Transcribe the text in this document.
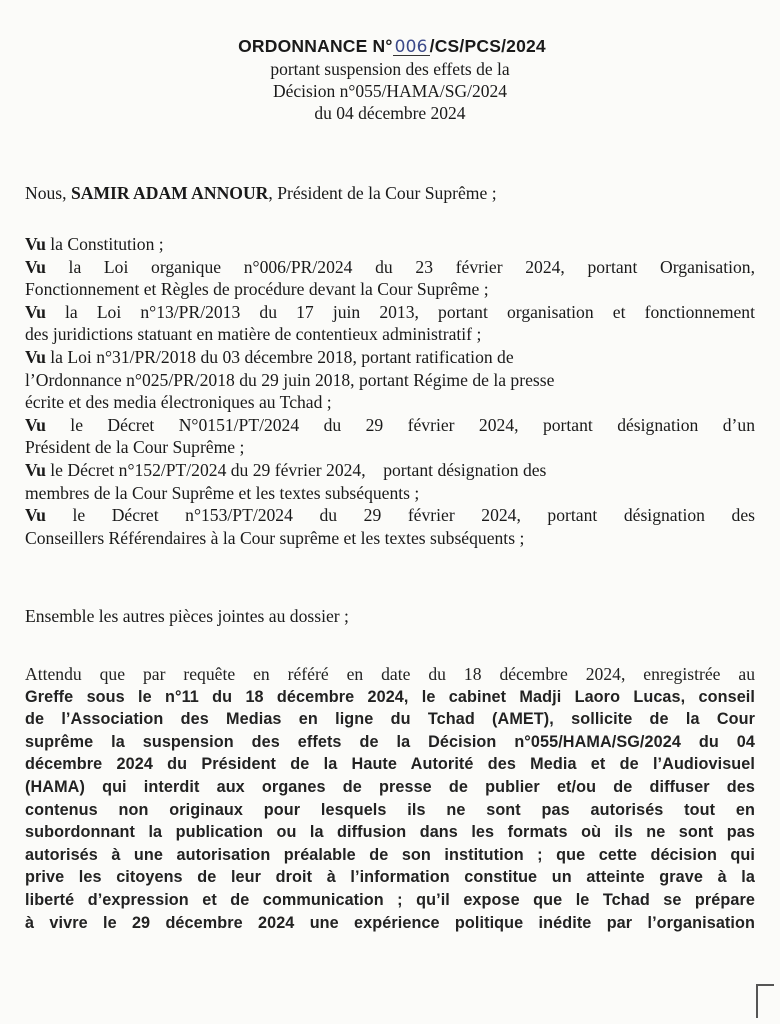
ORDONNANCE N° 006 /CS/PCS/2024
portant suspension des effets de la
Décision n°055/HAMA/SG/2024
du 04 décembre 2024
Nous, SAMIR ADAM ANNOUR, Président de la Cour Suprême ;
Vu la Constitution ;
Vu la Loi organique n°006/PR/2024 du 23 février 2024, portant Organisation,
Fonctionnement et Règles de procédure devant la Cour Suprême ;
Vu la Loi n°13/PR/2013 du 17 juin 2013, portant organisation et fonctionnement
des juridictions statuant en matière de contentieux administratif ;
Vu la Loi n°31/PR/2018 du 03 décembre 2018, portant ratification de
l’Ordonnance n°025/PR/2018 du 29 juin 2018, portant Régime de la presse
écrite et des media électroniques au Tchad ;
Vu le Décret N°0151/PT/2024 du 29 février 2024, portant désignation d’un
Président de la Cour Suprême ;
Vu le Décret n°152/PT/2024 du 29 février 2024,    portant désignation des
membres de la Cour Suprême et les textes subséquents ;
Vu le Décret n°153/PT/2024 du 29 février 2024, portant désignation des
Conseillers Référendaires à la Cour suprême et les textes subséquents ;
Ensemble les autres pièces jointes au dossier ;
Attendu que par requête en référé en date du 18 décembre 2024, enregistrée au
Greffe sous le n°11 du 18 décembre 2024, le cabinet Madji Laoro Lucas, conseil
de l’Association des Medias en ligne du Tchad (AMET), sollicite de la Cour
suprême la suspension des effets de la Décision n°055/HAMA/SG/2024 du 04
décembre 2024 du Président de la Haute Autorité des Media et de l’Audiovisuel
(HAMA) qui interdit aux organes de presse de publier et/ou de diffuser des
contenus non originaux pour lesquels ils ne sont pas autorisés tout en
subordonnant la publication ou la diffusion dans les formats où ils ne sont pas
autorisés à une autorisation préalable de son institution ; que cette décision qui
prive les citoyens de leur droit à l’information constitue un atteinte grave à la
liberté d’expression et de communication ; qu’il expose que le Tchad se prépare
à vivre le 29 décembre 2024 une expérience politique inédite par l’organisation
